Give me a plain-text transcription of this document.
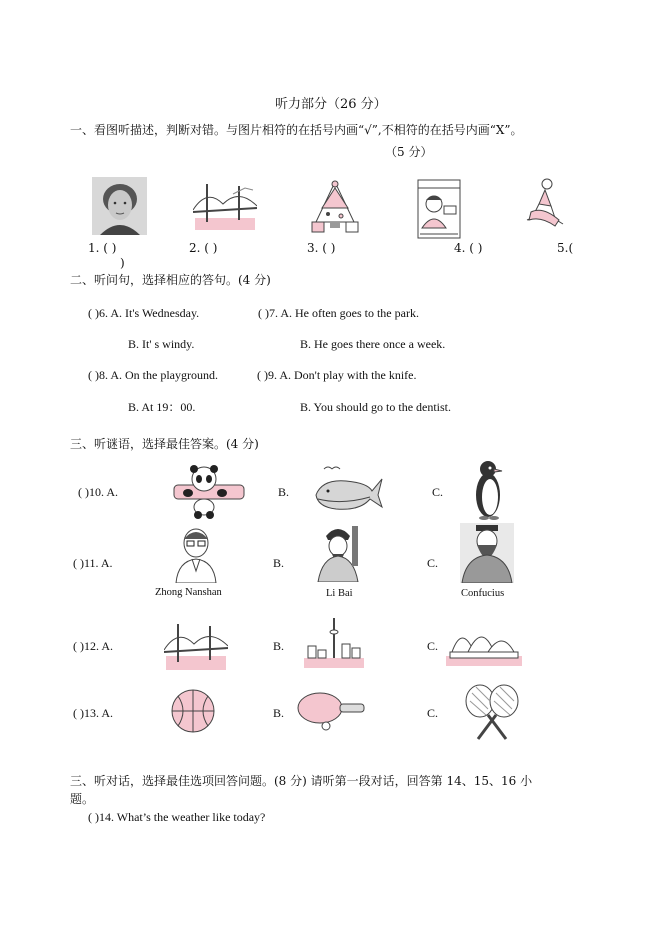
听力部分（26 分）
一、看图听描述，判断对错。与图片相符的在括号内画“√”,不相符的在括号内画“X”。
（5 分）
1. ( )	2. ( )	3. ( )	4. ( )	5.(
)
二、听问句，选择相应的答句。(4 分)
( )6. A. It's Wednesday.	( )7. A. He often goes to the park.
B. It' s windy.	B. He goes there once a week.
( )8. A. On the playground.	( )9. A. Don't play with the knife.
B. At 19：00.	B. You should go to the dentist.
三、听谜语，选择最佳答案。(4 分)
( )10. A.	B.	C.
( )11. A.
Zhong Nanshan
B.
Li Bai
C.
Confucius
( )12. A.	B.	C.
( )13. A.	B.	C.
三、听对话，选择最佳选项回答问题。(8 分) 请听第一段对话，回答第 14、15、16 小
题。
( )14. What’s the weather like today?
